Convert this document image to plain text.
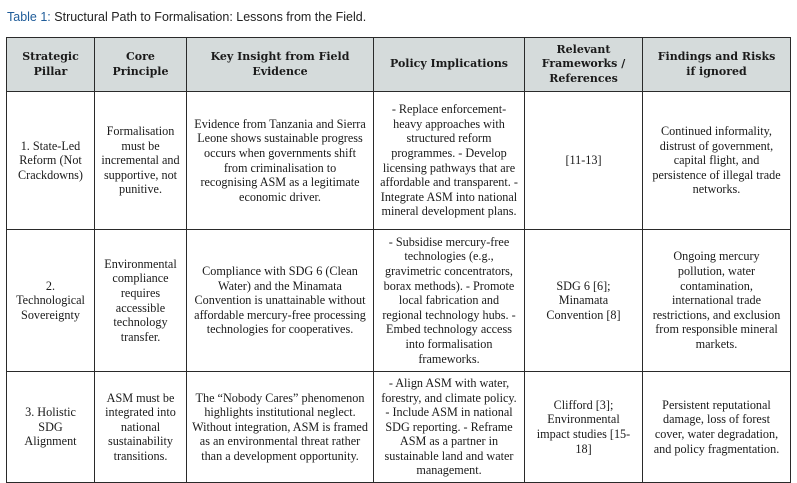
Table 1: Structural Path to Formalisation: Lessons from the Field.
Strategic Pillar	Core Principle	Key Insight from Field Evidence	Policy Implications	Relevant Frameworks / References	Findings and Risks if ignored

1. State-Led Reform (Not Crackdowns)	Formalisation must be incremental and supportive, not punitive.	Evidence from Tanzania and Sierra Leone shows sustainable progress occurs when governments shift from criminalisation to recognising ASM as a legitimate economic driver.	- Replace enforcement-heavy approaches with structured reform programmes. - Develop licensing pathways that are affordable and transparent. - Integrate ASM into national mineral development plans.	[11-13]	Continued informality, distrust of government, capital flight, and persistence of illegal trade networks.

2. Technological Sovereignty	Environmental compliance requires accessible technology transfer.	Compliance with SDG 6 (Clean Water) and the Minamata Convention is unattainable without affordable mercury-free processing technologies for cooperatives.	- Subsidise mercury-free technologies (e.g., gravimetric concentrators, borax methods). - Promote local fabrication and regional technology hubs. - Embed technology access into formalisation frameworks.	SDG 6 [6]; Minamata Convention [8]	Ongoing mercury pollution, water contamination, international trade restrictions, and exclusion from responsible mineral markets.

3. Holistic SDG Alignment	ASM must be integrated into national sustainability transitions.	The “Nobody Cares” phenomenon highlights institutional neglect. Without integration, ASM is framed as an environmental threat rather than a development opportunity.	- Align ASM with water, forestry, and climate policy. - Include ASM in national SDG reporting. - Reframe ASM as a partner in sustainable land and water management.	Clifford [3]; Environmental impact studies [15-18]	Persistent reputational damage, loss of forest cover, water degradation, and policy fragmentation.
